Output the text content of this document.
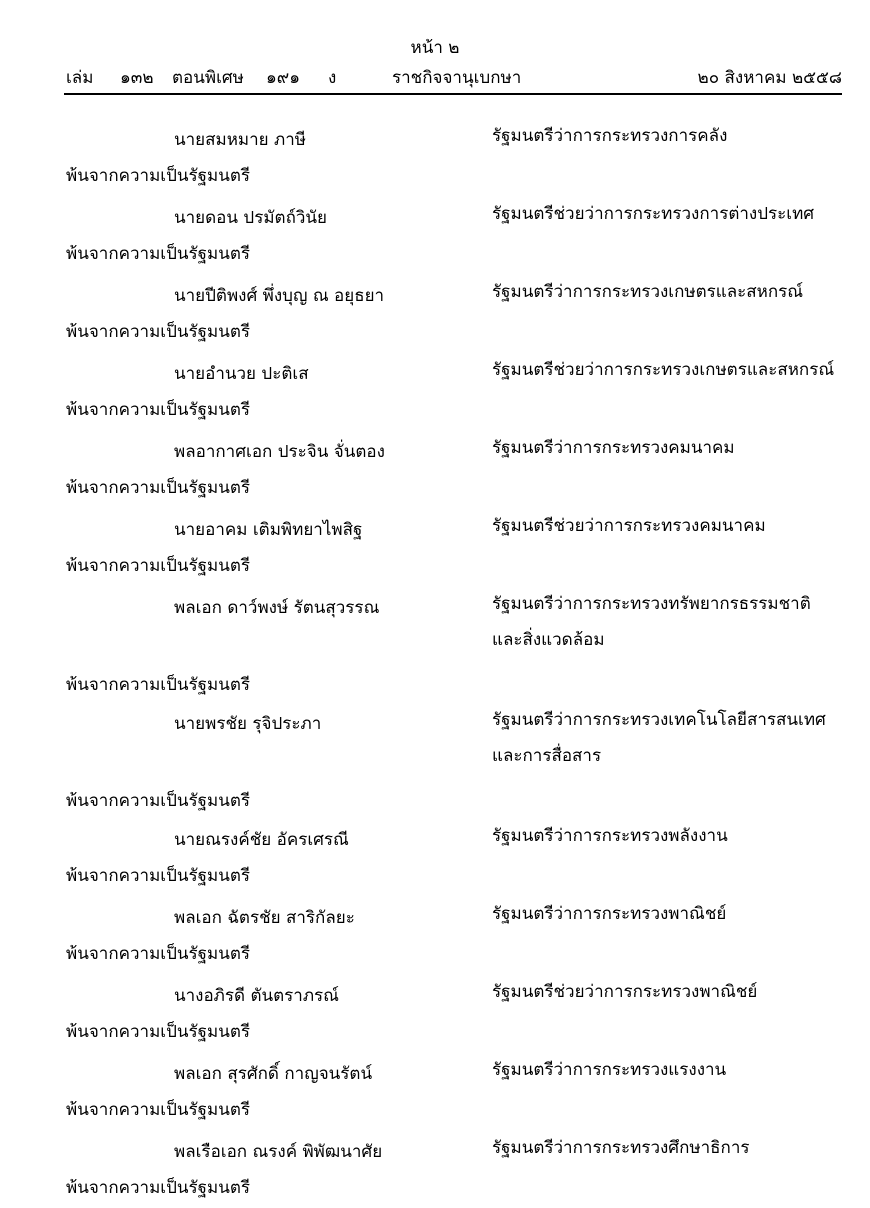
หน้า ๒
เล่ม ๑๓๒ ตอนพิเศษ ๑๙๑ ง	ราชกิจจานุเบกษา	๒๐ สิงหาคม ๒๕๕๘
นายสมหมาย ภาษี	รัฐมนตรีว่าการกระทรวงการคลัง
พ้นจากความเป็นรัฐมนตรี
นายดอน ปรมัตถ์วินัย	รัฐมนตรีช่วยว่าการกระทรวงการต่างประเทศ
พ้นจากความเป็นรัฐมนตรี
นายปีติพงศ์ พึ่งบุญ ณ อยุธยา	รัฐมนตรีว่าการกระทรวงเกษตรและสหกรณ์
พ้นจากความเป็นรัฐมนตรี
นายอำนวย ปะติเส	รัฐมนตรีช่วยว่าการกระทรวงเกษตรและสหกรณ์
พ้นจากความเป็นรัฐมนตรี
พลอากาศเอก ประจิน จั่นตอง	รัฐมนตรีว่าการกระทรวงคมนาคม
พ้นจากความเป็นรัฐมนตรี
นายอาคม เติมพิทยาไพสิฐ	รัฐมนตรีช่วยว่าการกระทรวงคมนาคม
พ้นจากความเป็นรัฐมนตรี
พลเอก ดาว์พงษ์ รัตนสุวรรณ	รัฐมนตรีว่าการกระทรวงทรัพยากรธรรมชาติ
และสิ่งแวดล้อม
พ้นจากความเป็นรัฐมนตรี
นายพรชัย รุจิประภา	รัฐมนตรีว่าการกระทรวงเทคโนโลยีสารสนเทศ
และการสื่อสาร
พ้นจากความเป็นรัฐมนตรี
นายณรงค์ชัย อัครเศรณี	รัฐมนตรีว่าการกระทรวงพลังงาน
พ้นจากความเป็นรัฐมนตรี
พลเอก ฉัตรชัย สาริกัลยะ	รัฐมนตรีว่าการกระทรวงพาณิชย์
พ้นจากความเป็นรัฐมนตรี
นางอภิรดี ตันตราภรณ์	รัฐมนตรีช่วยว่าการกระทรวงพาณิชย์
พ้นจากความเป็นรัฐมนตรี
พลเอก สุรศักดิ์ กาญจนรัตน์	รัฐมนตรีว่าการกระทรวงแรงงาน
พ้นจากความเป็นรัฐมนตรี
พลเรือเอก ณรงค์ พิพัฒนาศัย	รัฐมนตรีว่าการกระทรวงศึกษาธิการ
พ้นจากความเป็นรัฐมนตรี
